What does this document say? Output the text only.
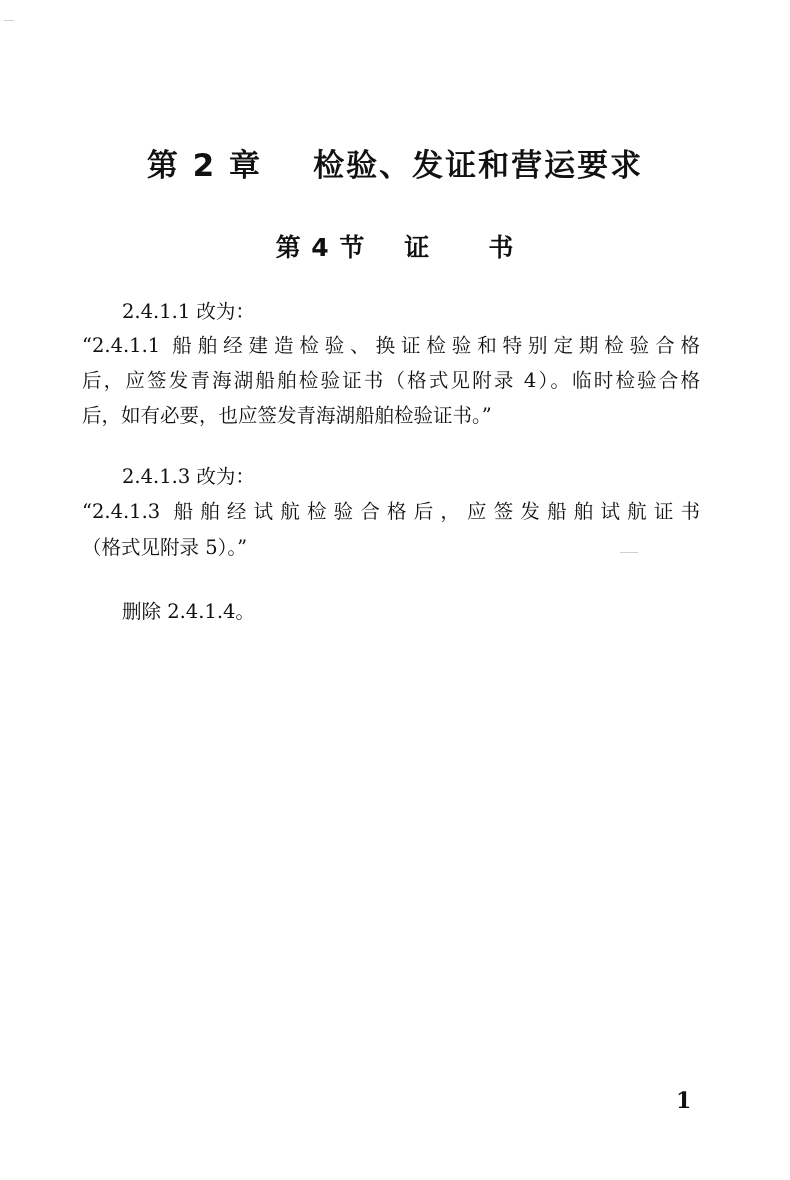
第 2 章    检验、发证和营运要求
第 4 节    证      书
2.4.1.1 改为：
“2.4.1.1 船舶经建造检验、换证检验和特别定期检验合格
后，应签发青海湖船舶检验证书（格式见附录 4）。临时检验合格
后，如有必要，也应签发青海湖船舶检验证书。”
2.4.1.3 改为：
“2.4.1.3 船舶经试航检验合格后，应签发船舶试航证书
（格式见附录 5）。”
删除 2.4.1.4。
1
